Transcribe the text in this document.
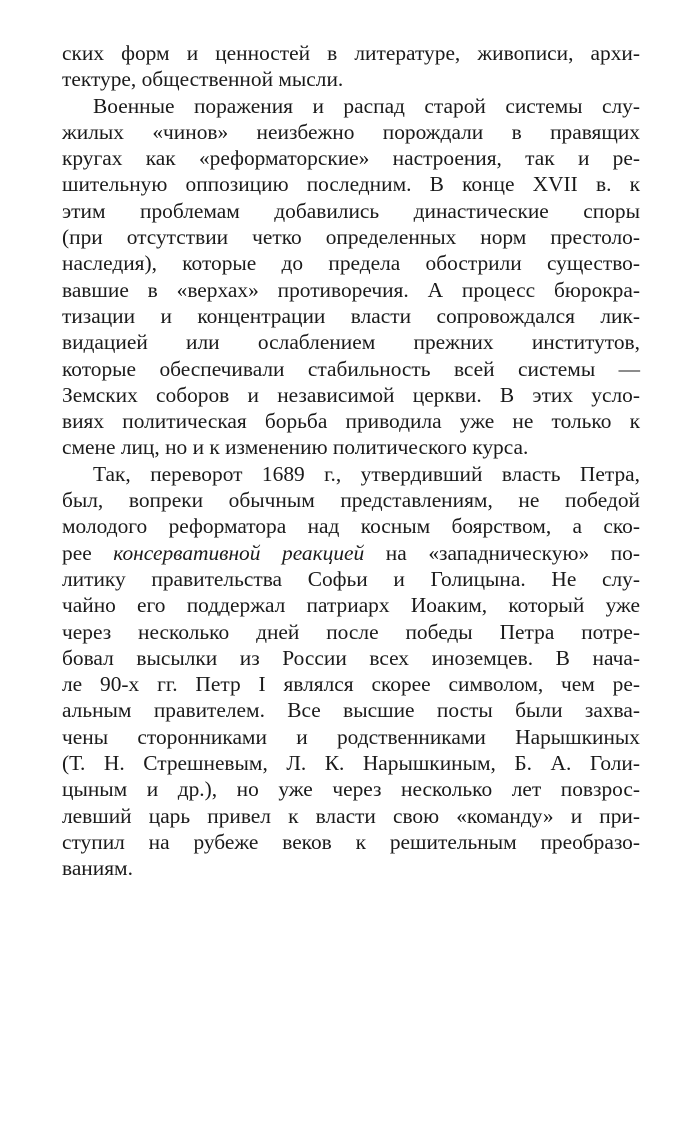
ских форм и ценностей в литературе, живописи, архи-
тектуре, общественной мысли.
Военные поражения и распад старой системы слу-
жилых «чинов» неизбежно порождали в правящих
кругах как «реформаторские» настроения, так и ре-
шительную оппозицию последним. В конце XVII в. к
этим проблемам добавились династические споры
(при отсутствии четко определенных норм престоло-
наследия), которые до предела обострили существо-
вавшие в «верхах» противоречия. А процесс бюрокра-
тизации и концентрации власти сопровождался лик-
видацией или ослаблением прежних институтов,
которые обеспечивали стабильность всей системы —
Земских соборов и независимой церкви. В этих усло-
виях политическая борьба приводила уже не только к
смене лиц, но и к изменению политического курса.
Так, переворот 1689 г., утвердивший власть Петра,
был, вопреки обычным представлениям, не победой
молодого реформатора над косным боярством, а ско-
рее консервативной реакцией на «западническую» по-
литику правительства Софьи и Голицына. Не слу-
чайно его поддержал патриарх Иоаким, который уже
через несколько дней после победы Петра потре-
бовал высылки из России всех иноземцев. В нача-
ле 90-х гг. Петр I являлся скорее символом, чем ре-
альным правителем. Все высшие посты были захва-
чены сторонниками и родственниками Нарышкиных
(Т. Н. Стрешневым, Л. К. Нарышкиным, Б. А. Голи-
цыным и др.), но уже через несколько лет повзрос-
левший царь привел к власти свою «команду» и при-
ступил на рубеже веков к решительным преобразо-
ваниям.
